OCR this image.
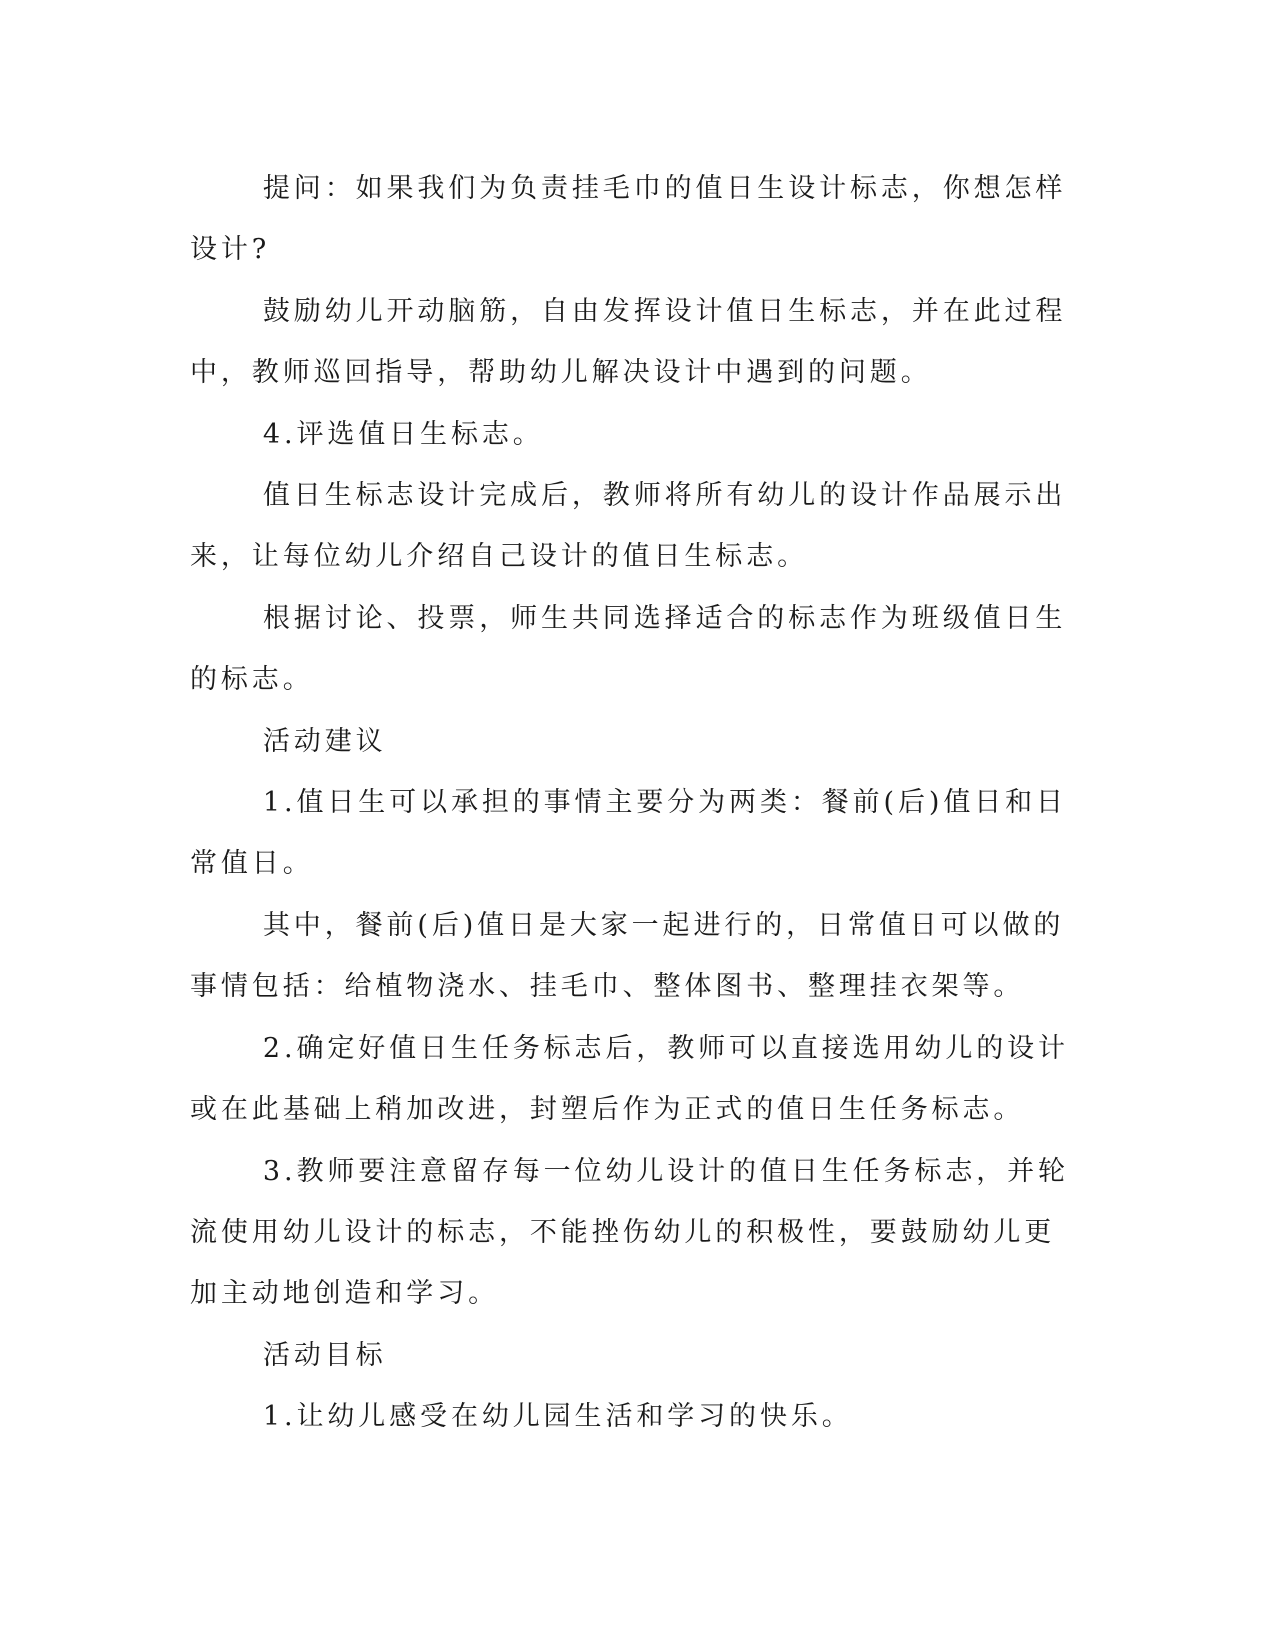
提问：如果我们为负责挂毛巾的值日生设计标志，你想怎样设计?

鼓励幼儿开动脑筋，自由发挥设计值日生标志，并在此过程中，教师巡回指导，帮助幼儿解决设计中遇到的问题。

4.评选值日生标志。

值日生标志设计完成后，教师将所有幼儿的设计作品展示出来，让每位幼儿介绍自己设计的值日生标志。

根据讨论、投票，师生共同选择适合的标志作为班级值日生的标志。

活动建议

1.值日生可以承担的事情主要分为两类：餐前(后)值日和日常值日。

其中，餐前(后)值日是大家一起进行的，日常值日可以做的事情包括：给植物浇水、挂毛巾、整体图书、整理挂衣架等。

2.确定好值日生任务标志后，教师可以直接选用幼儿的设计或在此基础上稍加改进，封塑后作为正式的值日生任务标志。

3.教师要注意留存每一位幼儿设计的值日生任务标志，并轮流使用幼儿设计的标志，不能挫伤幼儿的积极性，要鼓励幼儿更加主动地创造和学习。

活动目标

1.让幼儿感受在幼儿园生活和学习的快乐。
